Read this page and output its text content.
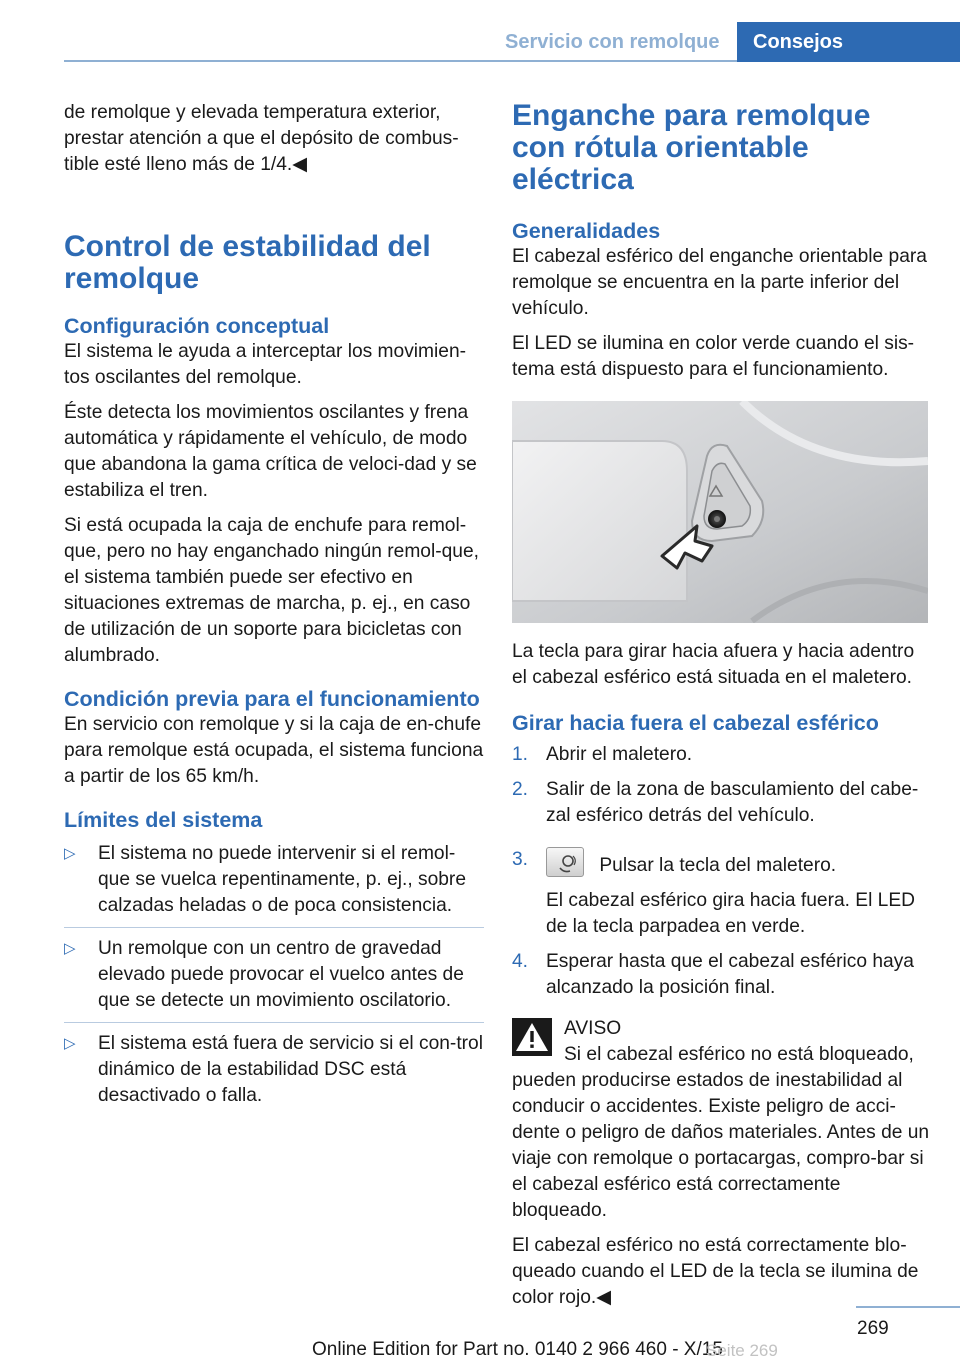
Servicio con remolque	Consejos

de remolque y elevada temperatura exterior, prestar atención a que el depósito de combus‐tible esté lleno más de 1/4.◀

Control de estabilidad del remolque
Configuración conceptual

El sistema le ayuda a interceptar los movimien‐tos oscilantes del remolque.

Éste detecta los movimientos oscilantes y frena automática y rápidamente el vehículo, de modo que abandona la gama crítica de veloci‐dad y se estabiliza el tren.

Si está ocupada la caja de enchufe para remol‐que, pero no hay enganchado ningún remol‐que, el sistema también puede ser efectivo en situaciones extremas de marcha, p. ej., en caso de utilización de un soporte para bicicletas con alumbrado.

Condición previa para el funcionamiento

En servicio con remolque y si la caja de en‐chufe para remolque está ocupada, el sistema funciona a partir de los 65 km/h.

Límites del sistema
▷ El sistema no puede intervenir si el remol‐que se vuelca repentinamente, p. ej., sobre calzadas heladas o de poca consistencia.
▷ Un remolque con un centro de gravedad elevado puede provocar el vuelco antes de que se detecte un movimiento oscilatorio.
▷ El sistema está fuera de servicio si el con‐trol dinámico de la estabilidad DSC está desactivado o falla.
Enganche para remolque con rótula orientable eléctrica
Generalidades

El cabezal esférico del enganche orientable para remolque se encuentra en la parte inferior del vehículo.

El LED se ilumina en color verde cuando el sis‐tema está dispuesto para el funcionamiento.

La tecla para girar hacia afuera y hacia adentro el cabezal esférico está situada en el maletero.

Girar hacia fuera el cabezal esférico
1. Abrir el maletero.
2. Salir de la zona de basculamiento del cabe‐zal esférico detrás del vehículo.
3.	Pulsar la tecla del maletero.
El cabezal esférico gira hacia fuera. El LED de la tecla parpadea en verde.
4. Esperar hasta que el cabezal esférico haya alcanzado la posición final.
AVISO

Si el cabezal esférico no está bloqueado, pueden producirse estados de inestabilidad al conducir o accidentes. Existe peligro de acci‐dente o peligro de daños materiales. Antes de un viaje con remolque o portacargas, compro‐bar si el cabezal esférico está correctamente bloqueado.

El cabezal esférico no está correctamente blo‐queado cuando el LED de la tecla se ilumina de color rojo.◀

269
Online Edition for Part no. 0140 2 966 460 - X/15
Seite 269
